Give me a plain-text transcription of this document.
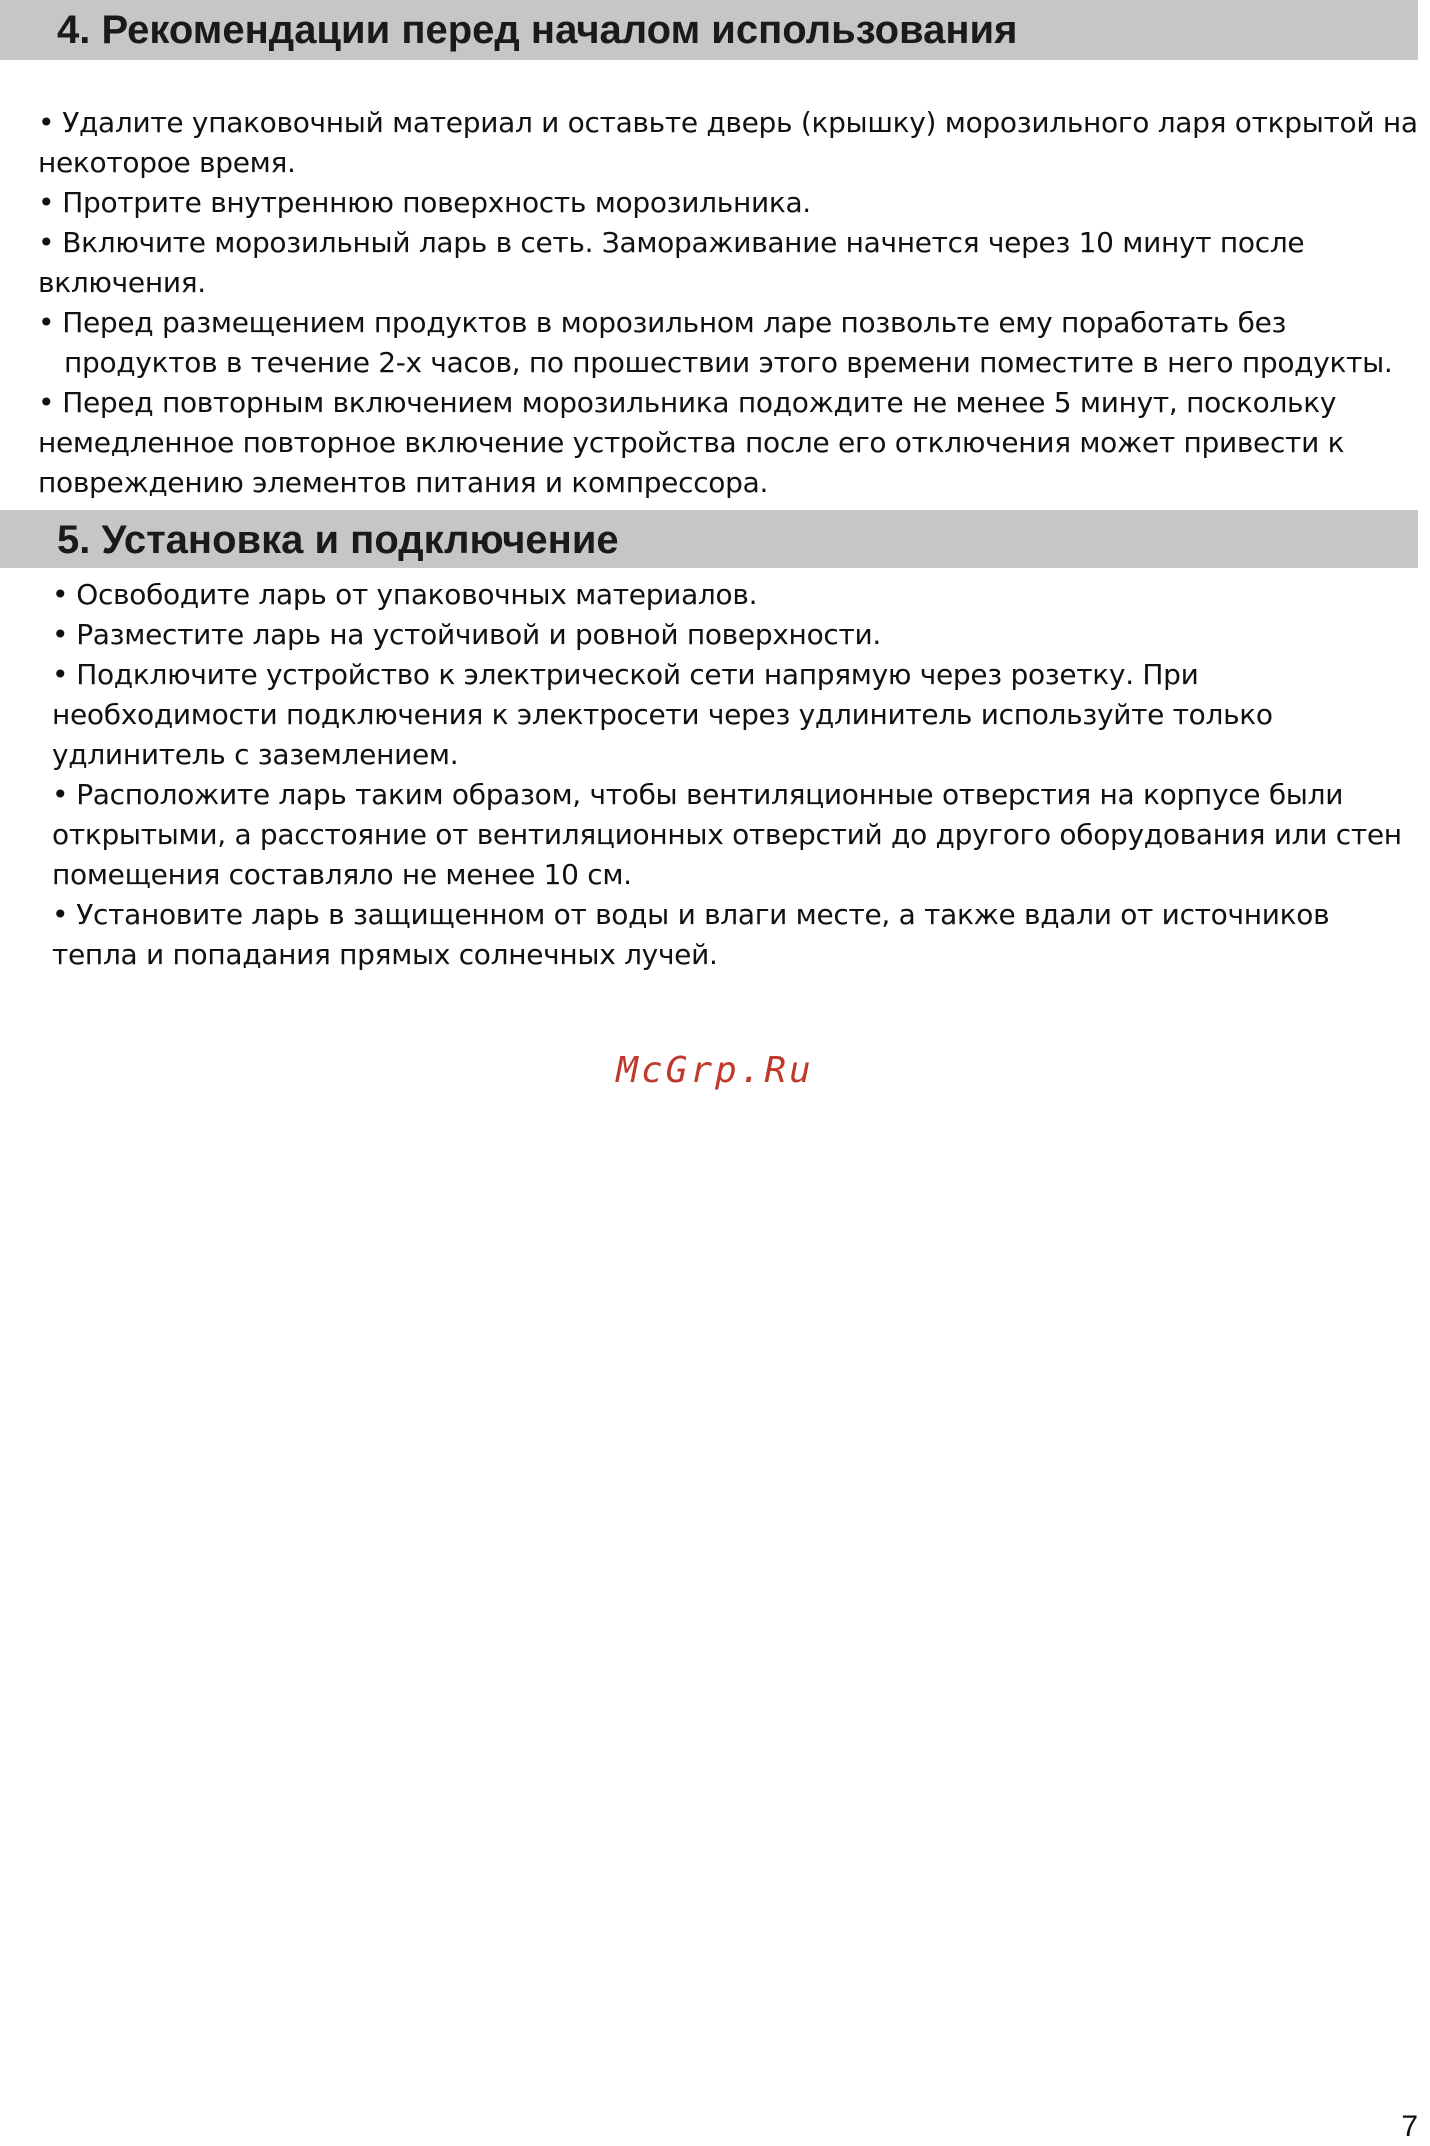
4. Рекомендации перед началом использования
• Удалите упаковочный материал и оставьте дверь (крышку) морозильного ларя открытой на некоторое время.
• Протрите внутреннюю поверхность морозильника.
• Включите морозильный ларь в сеть. Замораживание начнется через 10 минут после включения.
• Перед размещением продуктов в морозильном ларе позвольте ему поработать без продуктов в течение 2-х часов, по прошествии этого времени поместите в него продукты.
• Перед повторным включением морозильника подождите не менее 5 минут, поскольку немедленное повторное включение устройства после его отключения может привести к повреждению элементов питания и компрессора.
5. Установка и подключение
• Освободите ларь от упаковочных материалов.
• Разместите ларь на устойчивой и ровной поверхности.
• Подключите устройство к электрической сети напрямую через розетку. При необходимости подключения к электросети через удлинитель используйте только удлинитель с заземлением.
• Расположите ларь таким образом, чтобы вентиляционные отверстия на корпусе были открытыми, а расстояние от вентиляционных отверстий до другого оборудования или стен помещения составляло не менее 10 см.
• Установите ларь в защищенном от воды и влаги месте, а также вдали от источников тепла и попадания прямых солнечных лучей.
McGrp.Ru
7
